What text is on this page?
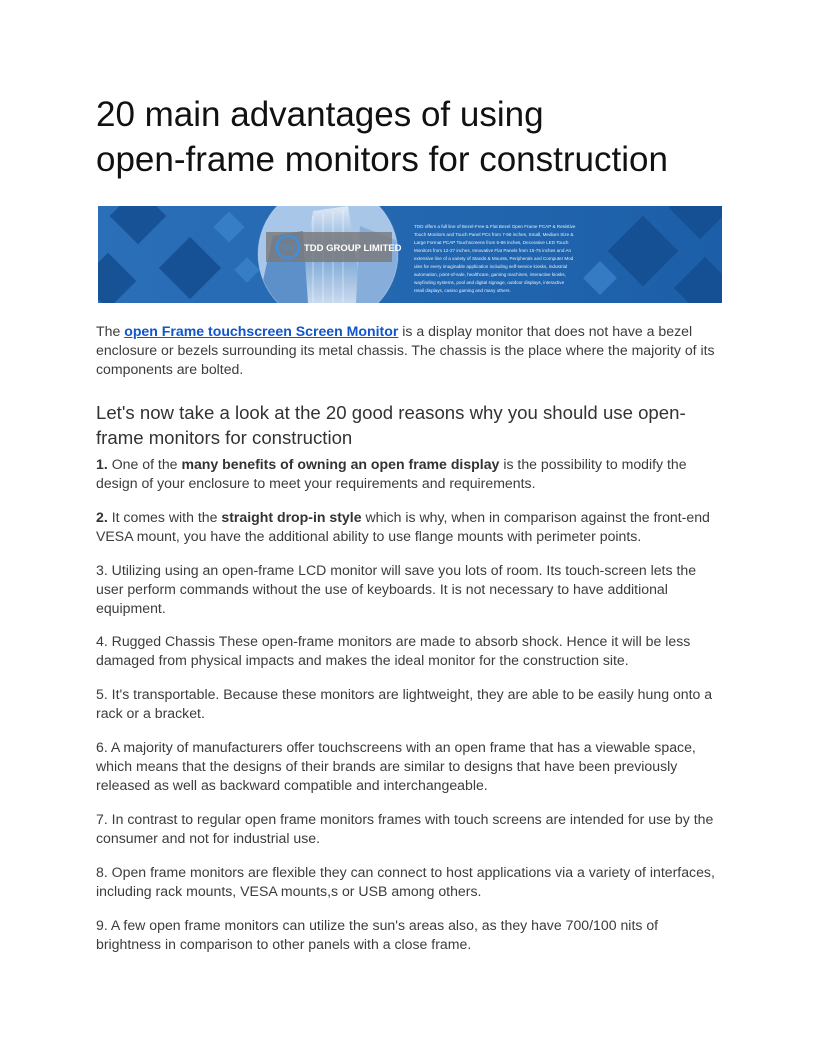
20 main advantages of using
open-frame monitors for construction
TDD TDD GROUP LIMITED
TDD offers a full line of Bezel-Free & Flat Bezel Open Frame PCAP & Resistive
Touch Monitors and Touch Panel PCs from 7-55 inches, Small, Medium Size &
Large Format PCAP Touchscreens from 5-86 inches, Decorative LED Touch
Monitors from 12-27 inches, Innovative Flat Panels from 15-75 inches and An
extensive line of a variety of Stands & Mounts, Peripherals and Computer Mod
ules for every imaginable application including self-service kiosks, industrial
automation, point-of-sale, healthcare, gaming machines, interactive kiosks,
wayfinding systems, pool and digital signage, outdoor displays, interactive
retail displays, casino gaming and many others.

The open Frame touchscreen Screen Monitor is a display monitor that does not have a bezel enclosure or bezels surrounding its metal chassis. The chassis is the place where the majority of its components are bolted.

Let's now take a look at the 20 good reasons why you should use open-frame monitors for construction

1. One of the many benefits of owning an open frame display is the possibility to modify the design of your enclosure to meet your requirements and requirements.

2. It comes with the straight drop-in style which is why, when in comparison against the front-end VESA mount, you have the additional ability to use flange mounts with perimeter points.

3. Utilizing using an open-frame LCD monitor will save you lots of room. Its touch-screen lets the user perform commands without the use of keyboards. It is not necessary to have additional equipment.

4. Rugged Chassis These open-frame monitors are made to absorb shock. Hence it will be less damaged from physical impacts and makes the ideal monitor for the construction site.

5. It's transportable. Because these monitors are lightweight, they are able to be easily hung onto a rack or a bracket.

6. A majority of manufacturers offer touchscreens with an open frame that has a viewable space, which means that the designs of their brands are similar to designs that have been previously released as well as backward compatible and interchangeable.

7. In contrast to regular open frame monitors frames with touch screens are intended for use by the consumer and not for industrial use.

8. Open frame monitors are flexible they can connect to host applications via a variety of interfaces, including rack mounts, VESA mounts,s or USB among others.

9. A few open frame monitors can utilize the sun's areas also, as they have 700/100 nits of brightness in comparison to other panels with a close frame.
